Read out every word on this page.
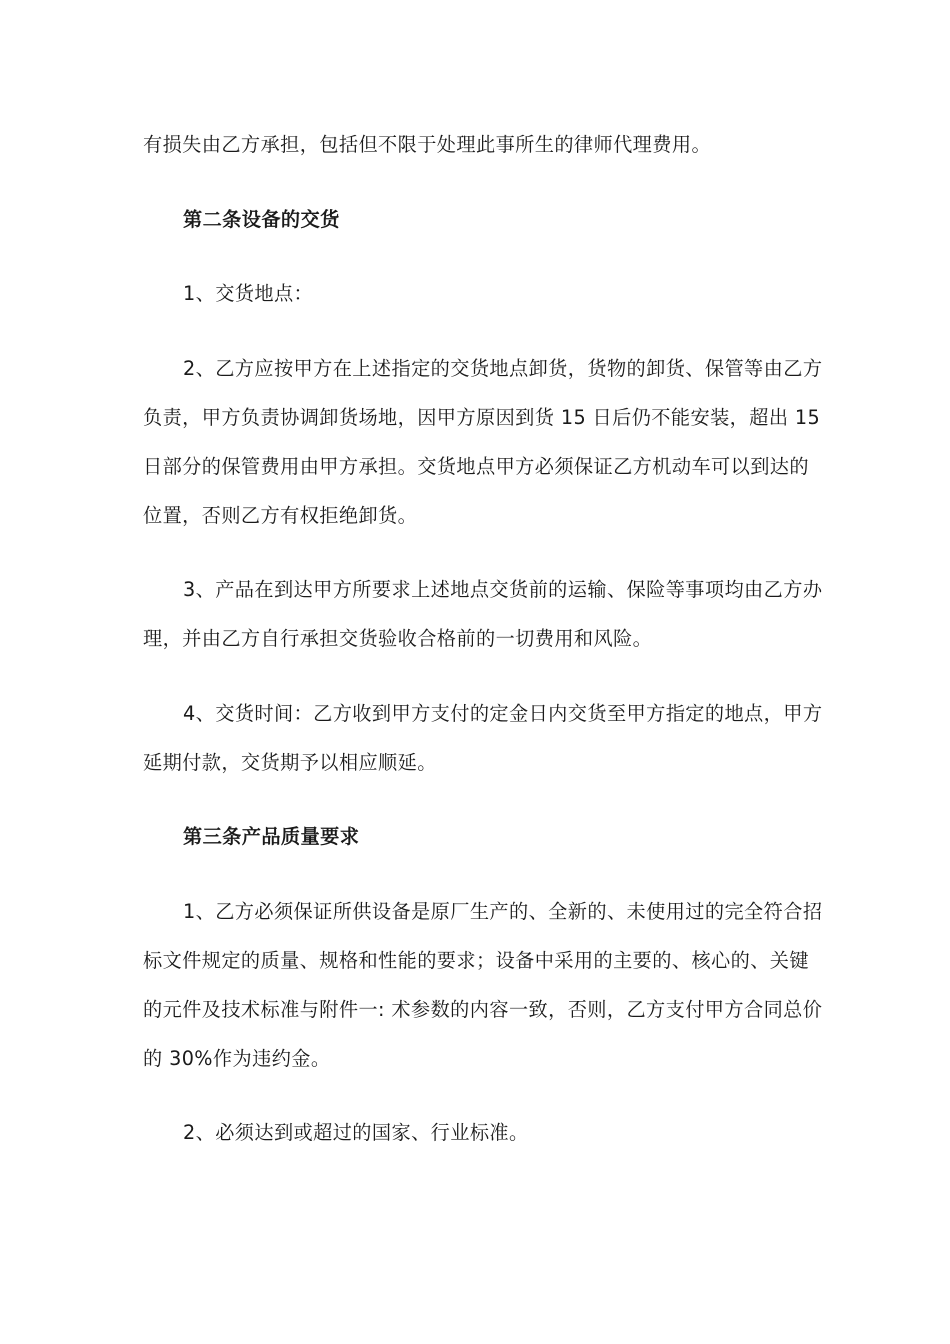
有损失由乙方承担，包括但不限于处理此事所生的律师代理费用。
第二条设备的交货
1、交货地点：
2、乙方应按甲方在上述指定的交货地点卸货，货物的卸货、保管等由乙方
负责，甲方负责协调卸货场地，因甲方原因到货 15 日后仍不能安装，超出 15
日部分的保管费用由甲方承担。交货地点甲方必须保证乙方机动车可以到达的
位置，否则乙方有权拒绝卸货。
3、产品在到达甲方所要求上述地点交货前的运输、保险等事项均由乙方办
理，并由乙方自行承担交货验收合格前的一切费用和风险。
4、交货时间：乙方收到甲方支付的定金日内交货至甲方指定的地点，甲方
延期付款，交货期予以相应顺延。
第三条产品质量要求
1、乙方必须保证所供设备是原厂生产的、全新的、未使用过的完全符合招
标文件规定的质量、规格和性能的要求；设备中采用的主要的、核心的、关键
的元件及技术标准与附件一: 术参数的内容一致，否则，乙方支付甲方合同总价
的 30%作为违约金。
2、必须达到或超过的国家、行业标准。
